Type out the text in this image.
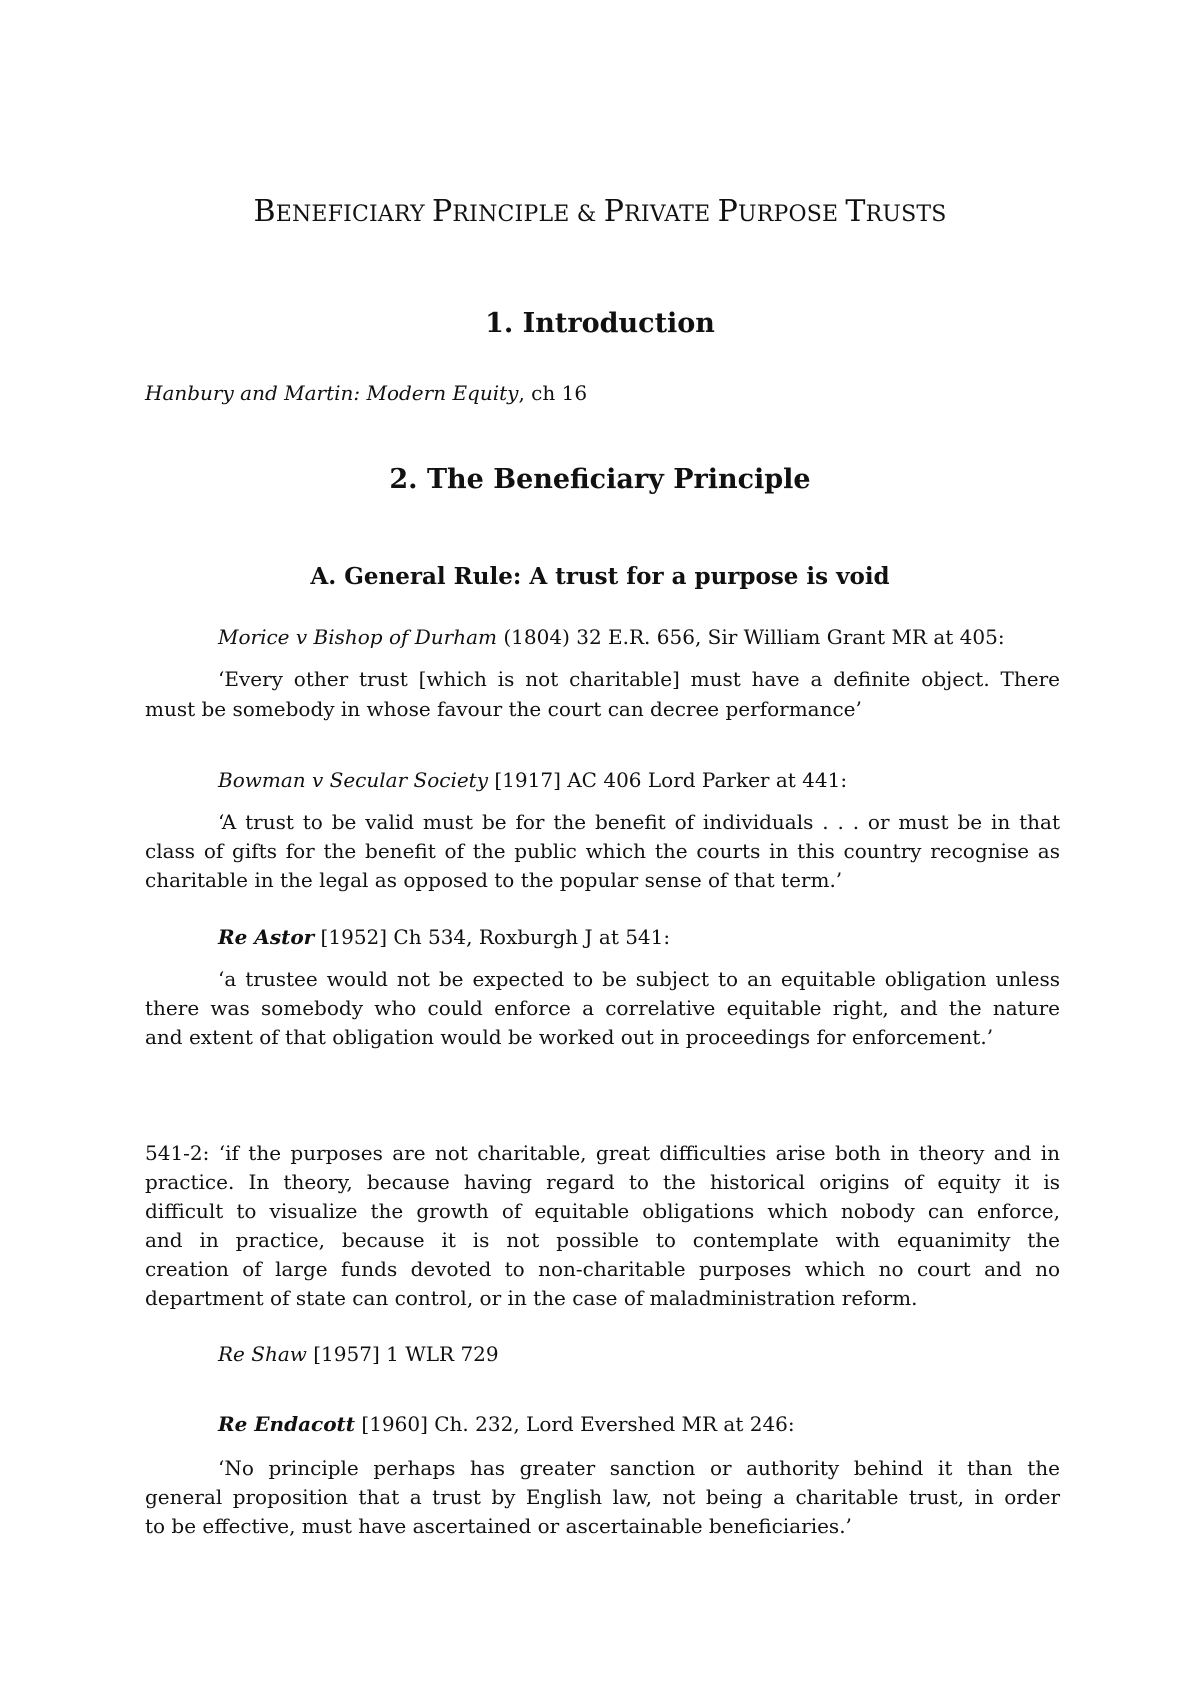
BENEFICIARY PRINCIPLE & PRIVATE PURPOSE TRUSTS
1. Introduction
Hanbury and Martin: Modern Equity, ch 16
2. The Beneficiary Principle
A. General Rule: A trust for a purpose is void
Morice v Bishop of Durham (1804) 32 E.R. 656, Sir William Grant MR at 405:
‘Every other trust [which is not charitable] must have a definite object. There
must be somebody in whose favour the court can decree performance’
Bowman v Secular Society [1917] AC 406 Lord Parker at 441:
‘A trust to be valid must be for the benefit of individuals . . . or must be in that
class of gifts for the benefit of the public which the courts in this country recognise as
charitable in the legal as opposed to the popular sense of that term.’
Re Astor [1952] Ch 534, Roxburgh J at 541:
‘a trustee would not be expected to be subject to an equitable obligation unless
there was somebody who could enforce a correlative equitable right, and the nature
and extent of that obligation would be worked out in proceedings for enforcement.’
541-2: ‘if the purposes are not charitable, great difficulties arise both in theory and in
practice. In theory, because having regard to the historical origins of equity it is
difficult to visualize the growth of equitable obligations which nobody can enforce,
and in practice, because it is not possible to contemplate with equanimity the
creation of large funds devoted to non-charitable purposes which no court and no
department of state can control, or in the case of maladministration reform.
Re Shaw [1957] 1 WLR 729
Re Endacott [1960] Ch. 232, Lord Evershed MR at 246:
‘No principle perhaps has greater sanction or authority behind it than the
general proposition that a trust by English law, not being a charitable trust, in order
to be effective, must have ascertained or ascertainable beneficiaries.’
